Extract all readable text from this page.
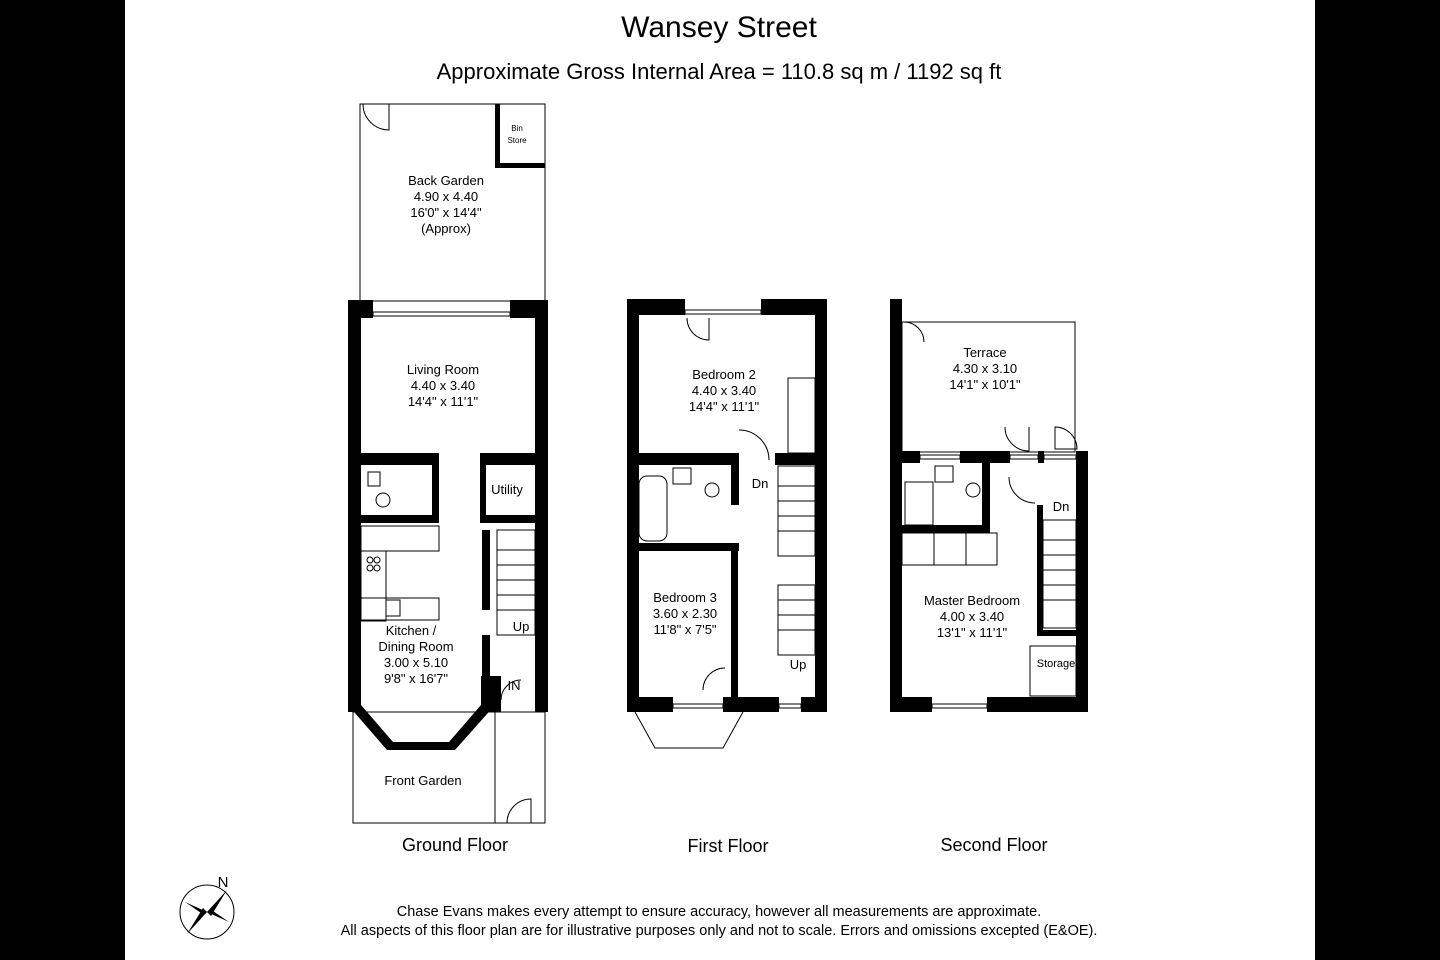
Wansey Street
Approximate Gross Internal Area = 110.8 sq m / 1192 sq ft
Back Garden
4.90 x 4.40
16'0" x 14'4"
(Approx)
Bin
Store
Living Room
4.40 x 3.40
14'4" x 11'1"
Utility
Kitchen /
Dining Room
3.00 x 5.10
9'8" x 16'7"
Front Garden
Up
IN
Bedroom 2
4.40 x 3.40
14'4" x 11'1"
Bedroom 3
3.60 x 2.30
11'8" x 7'5"
Dn
Up
Terrace
4.30 x 3.10
14'1" x 10'1"
Master Bedroom
4.00 x 3.40
13'1" x 11'1"
Storage
Dn
Ground Floor	First Floor	Second Floor
N
Chase Evans makes every attempt to ensure accuracy, however all measurements are approximate.
All aspects of this floor plan are for illustrative purposes only and not to scale. Errors and omissions excepted (E&OE).
